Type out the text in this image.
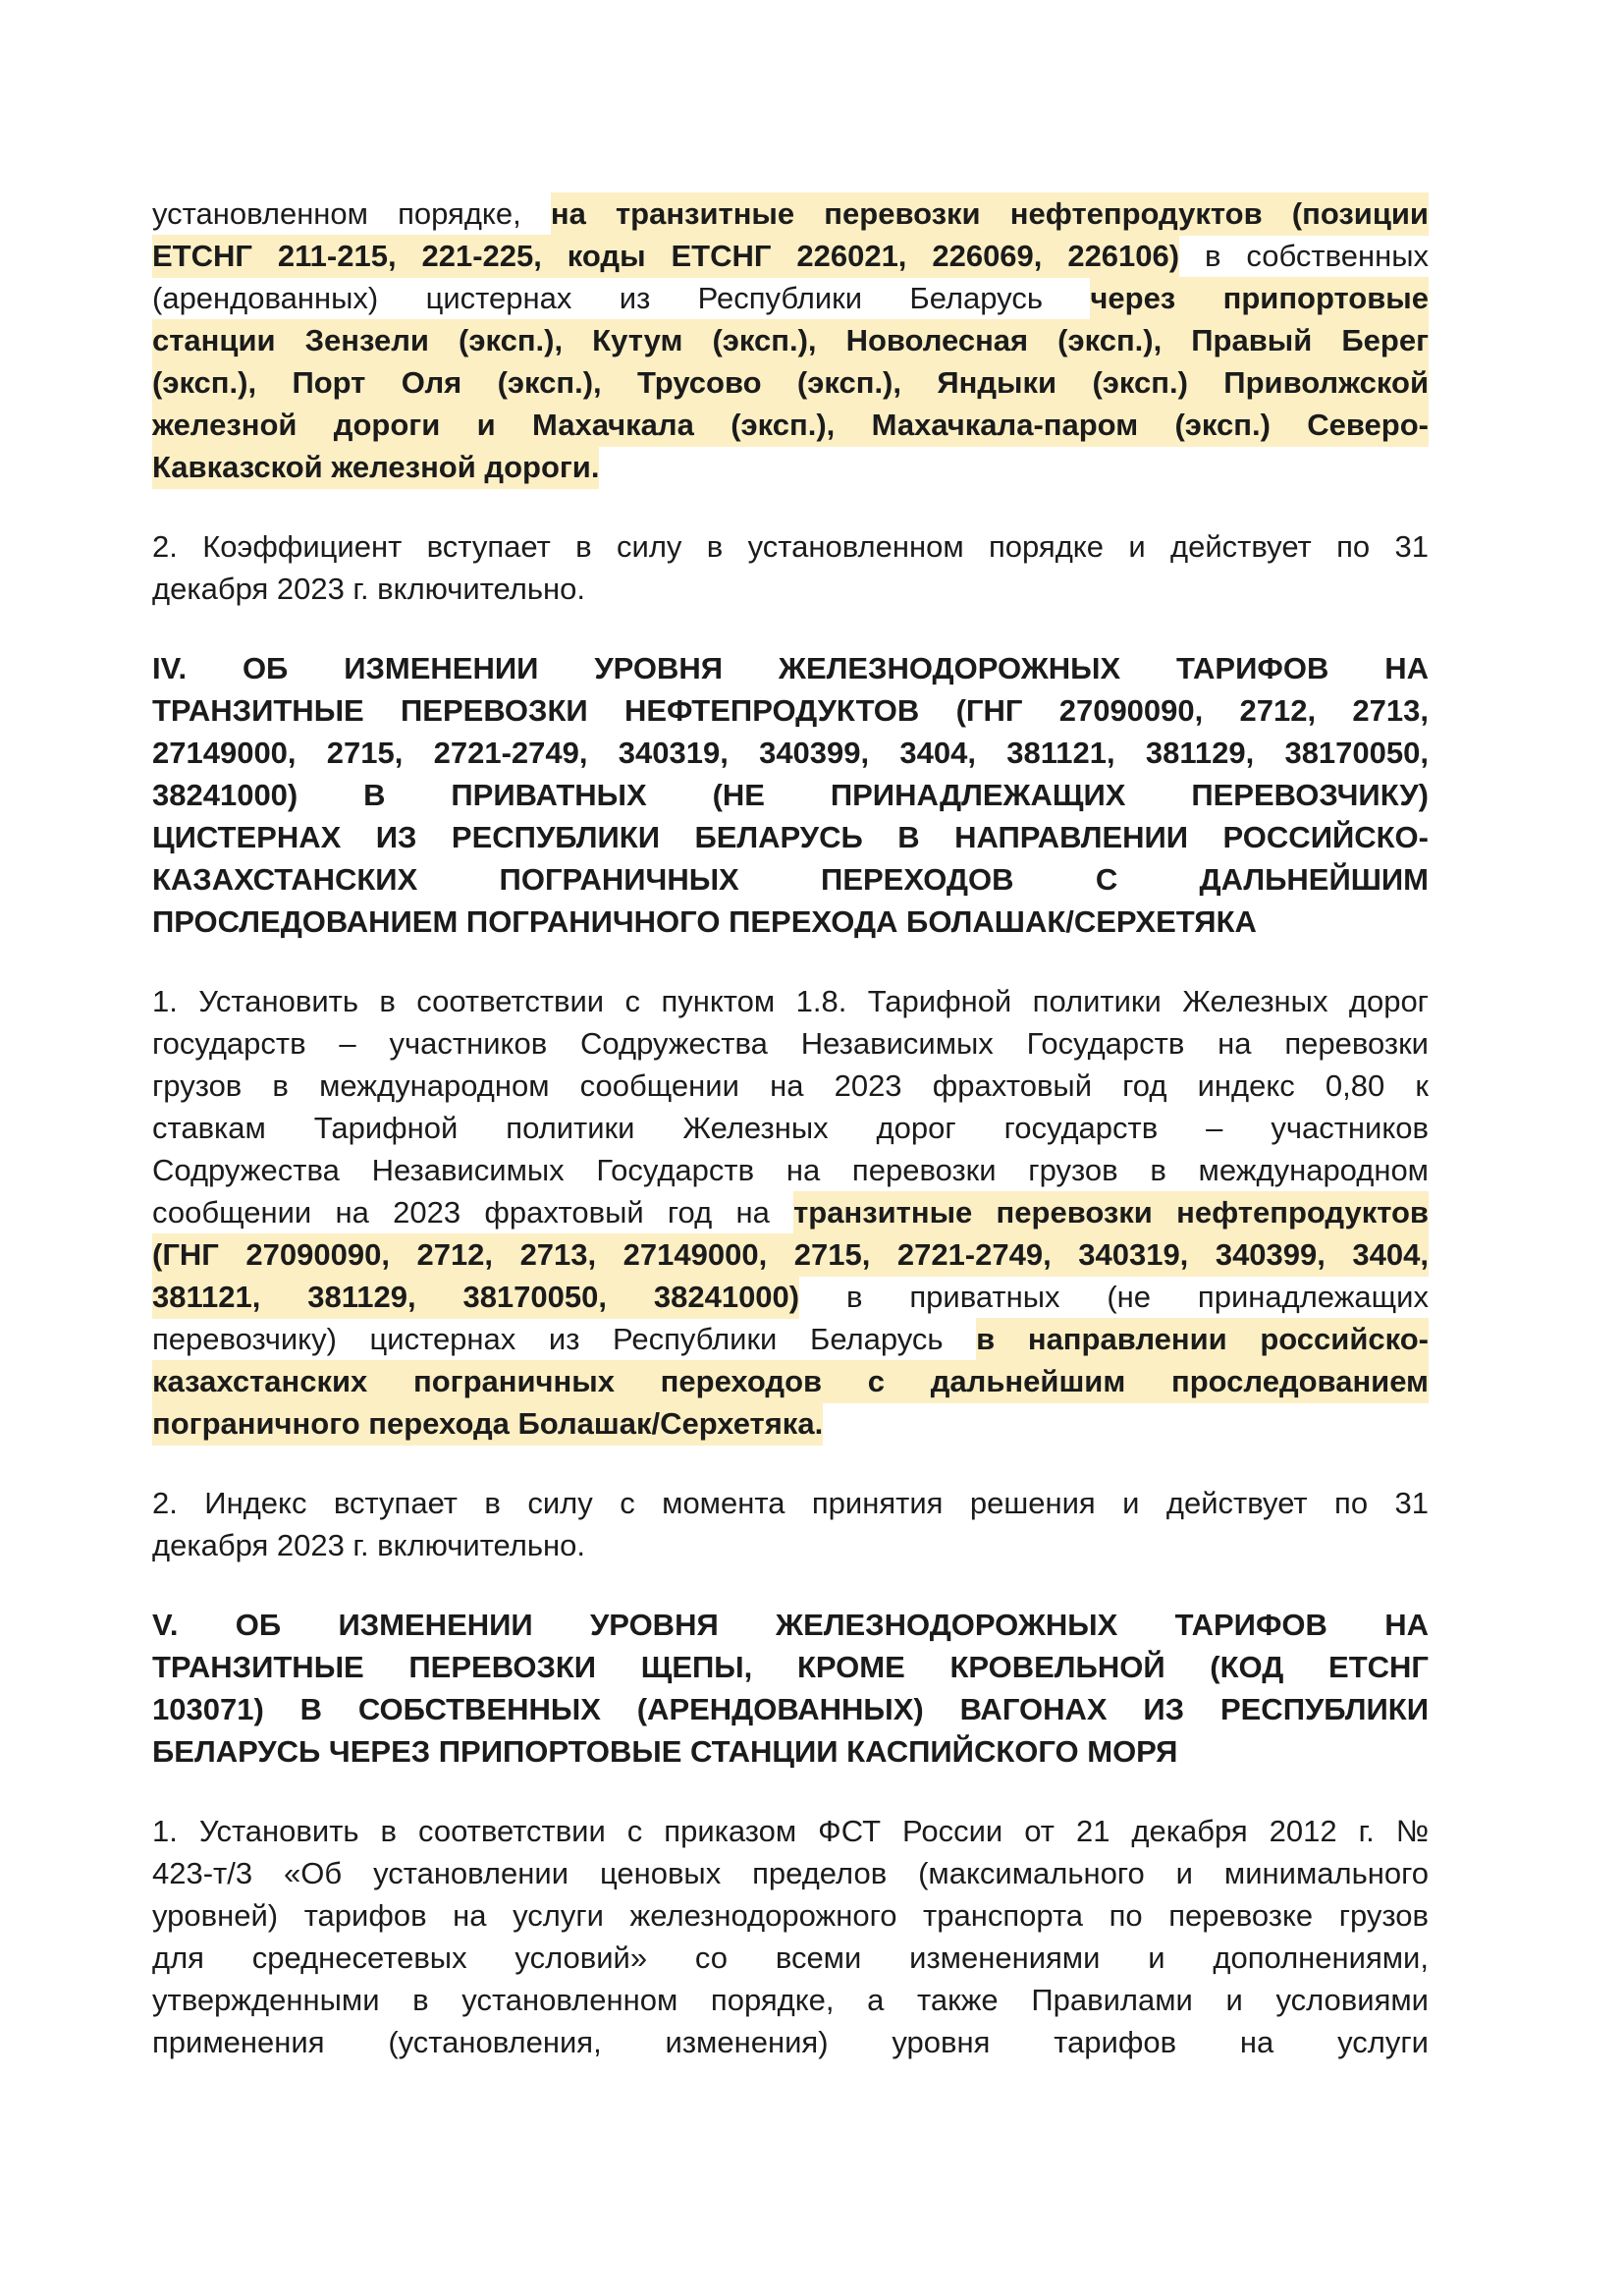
установленном порядке, на транзитные перевозки нефтепродуктов (позиции
ЕТСНГ 211-215, 221-225, коды ЕТСНГ 226021, 226069, 226106) в собственных
(арендованных) цистернах из Республики Беларусь через припортовые
станции Зензели (эксп.), Кутум (эксп.), Новолесная (эксп.), Правый Берег
(эксп.), Порт Оля (эксп.), Трусово (эксп.), Яндыки (эксп.) Приволжской
железной дороги и Махачкала (эксп.), Махачкала-паром (эксп.) Северо-
Кавказской железной дороги.
2. Коэффициент вступает в силу в установленном порядке и действует по 31
декабря 2023 г. включительно.
IV. ОБ ИЗМЕНЕНИИ УРОВНЯ ЖЕЛЕЗНОДОРОЖНЫХ ТАРИФОВ НА
ТРАНЗИТНЫЕ ПЕРЕВОЗКИ НЕФТЕПРОДУКТОВ (ГНГ 27090090, 2712, 2713,
27149000, 2715, 2721-2749, 340319, 340399, 3404, 381121, 381129, 38170050,
38241000) В ПРИВАТНЫХ (НЕ ПРИНАДЛЕЖАЩИХ ПЕРЕВОЗЧИКУ)
ЦИСТЕРНАХ ИЗ РЕСПУБЛИКИ БЕЛАРУСЬ В НАПРАВЛЕНИИ РОССИЙСКО-
КАЗАХСТАНСКИХ ПОГРАНИЧНЫХ ПЕРЕХОДОВ С ДАЛЬНЕЙШИМ
ПРОСЛЕДОВАНИЕМ ПОГРАНИЧНОГО ПЕРЕХОДА БОЛАШАК/СЕРХЕТЯКА
1. Установить в соответствии с пунктом 1.8. Тарифной политики Железных дорог
государств – участников Содружества Независимых Государств на перевозки
грузов в международном сообщении на 2023 фрахтовый год индекс 0,80 к
ставкам Тарифной политики Железных дорог государств – участников
Содружества Независимых Государств на перевозки грузов в международном
сообщении на 2023 фрахтовый год на транзитные перевозки нефтепродуктов
(ГНГ 27090090, 2712, 2713, 27149000, 2715, 2721-2749, 340319, 340399, 3404,
381121, 381129, 38170050, 38241000) в приватных (не принадлежащих
перевозчику) цистернах из Республики Беларусь в направлении российско-
казахстанских пограничных переходов с дальнейшим проследованием
пограничного перехода Болашак/Серхетяка.
2. Индекс вступает в силу с момента принятия решения и действует по 31
декабря 2023 г. включительно.
V. ОБ ИЗМЕНЕНИИ УРОВНЯ ЖЕЛЕЗНОДОРОЖНЫХ ТАРИФОВ НА
ТРАНЗИТНЫЕ ПЕРЕВОЗКИ ЩЕПЫ, КРОМЕ КРОВЕЛЬНОЙ (КОД ЕТСНГ
103071) В СОБСТВЕННЫХ (АРЕНДОВАННЫХ) ВАГОНАХ ИЗ РЕСПУБЛИКИ
БЕЛАРУСЬ ЧЕРЕЗ ПРИПОРТОВЫЕ СТАНЦИИ КАСПИЙСКОГО МОРЯ
1. Установить в соответствии с приказом ФСТ России от 21 декабря 2012 г. №
423-т/3 «Об установлении ценовых пределов (максимального и минимального
уровней) тарифов на услуги железнодорожного транспорта по перевозке грузов
для среднесетевых условий» со всеми изменениями и дополнениями,
утвержденными в установленном порядке, а также Правилами и условиями
применения (установления, изменения) уровня тарифов на услуги
